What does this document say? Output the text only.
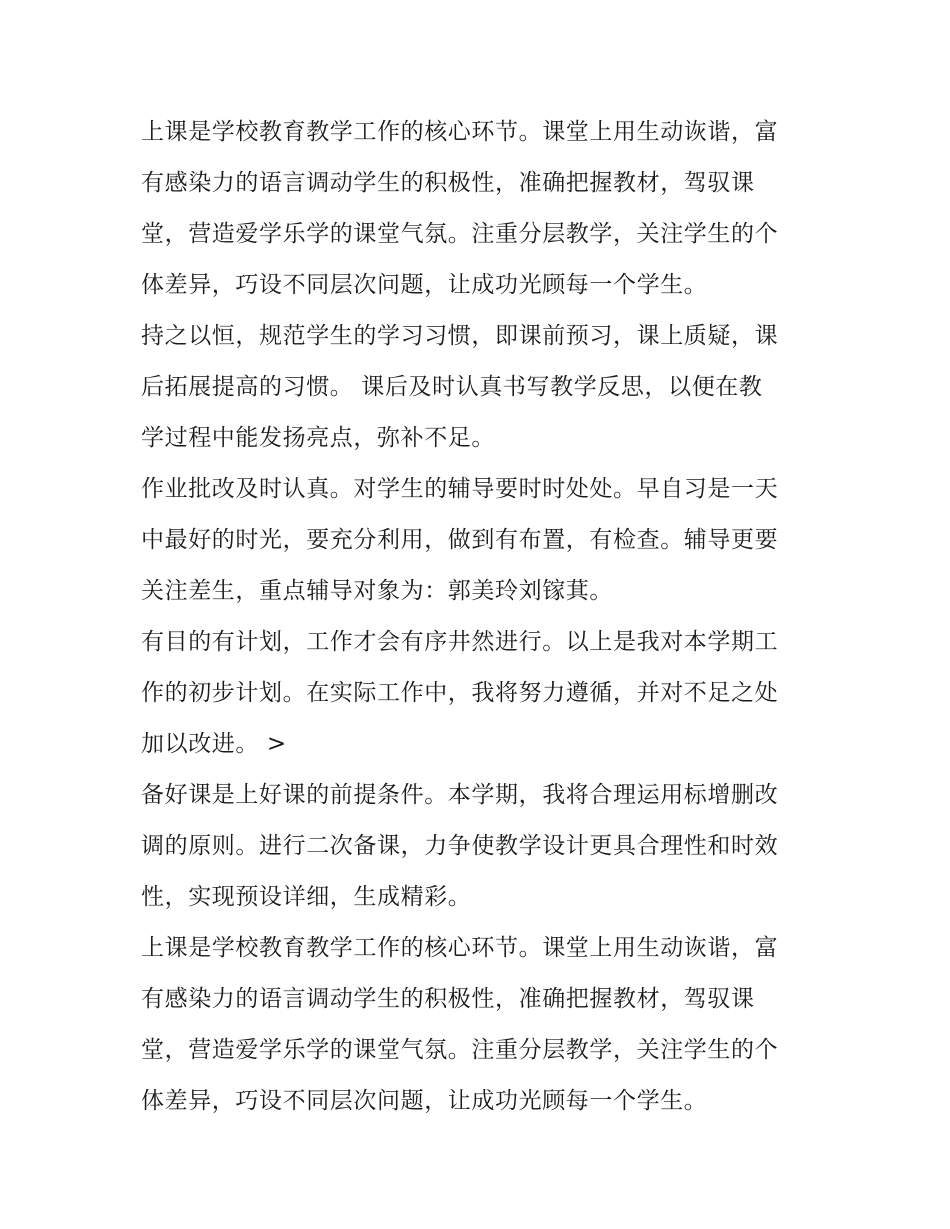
上课是学校教育教学工作的核心环节。课堂上用生动诙谐，富
有感染力的语言调动学生的积极性，准确把握教材，驾驭课
堂，营造爱学乐学的课堂气氛。注重分层教学，关注学生的个
体差异，巧设不同层次问题，让成功光顾每一个学生。

持之以恒，规范学生的学习习惯，即课前预习，课上质疑，课
后拓展提高的习惯。 课后及时认真书写教学反思，以便在教
学过程中能发扬亮点，弥补不足。

作业批改及时认真。对学生的辅导要时时处处。早自习是一天
中最好的时光，要充分利用，做到有布置，有检查。辅导更要
关注差生，重点辅导对象为：郭美玲刘镓萁。

有目的有计划，工作才会有序井然进行。以上是我对本学期工
作的初步计划。在实际工作中，我将努力遵循，并对不足之处
加以改进。 >

备好课是上好课的前提条件。本学期，我将合理运用标增删改
调的原则。进行二次备课，力争使教学设计更具合理性和时效
性，实现预设详细，生成精彩。

上课是学校教育教学工作的核心环节。课堂上用生动诙谐，富
有感染力的语言调动学生的积极性，准确把握教材，驾驭课
堂，营造爱学乐学的课堂气氛。注重分层教学，关注学生的个
体差异，巧设不同层次问题，让成功光顾每一个学生。
